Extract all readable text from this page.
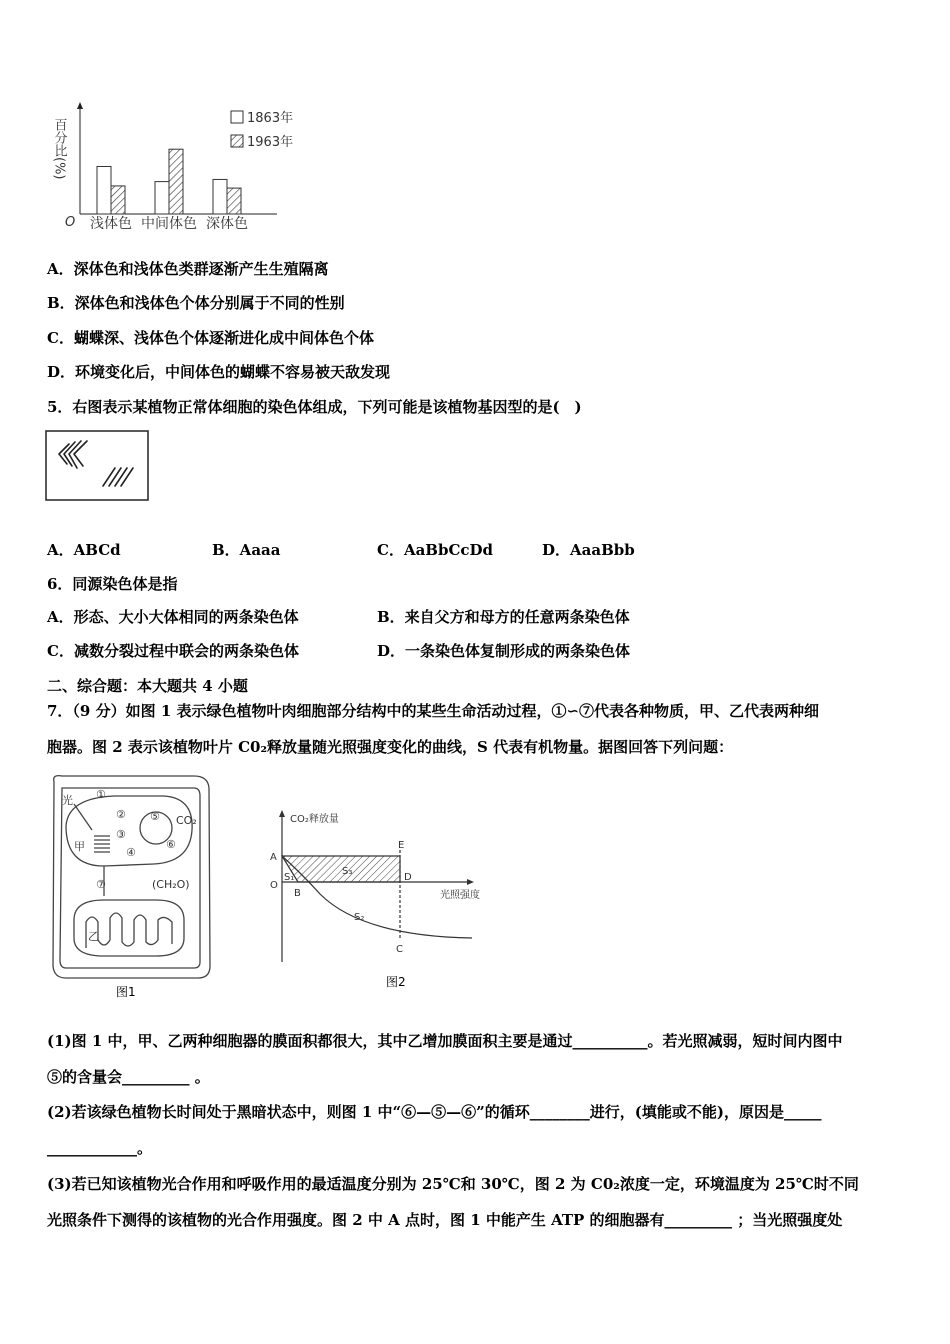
百分比(%)
O 浅体色 中间体色 深体色
1863年
1963年
A．深体色和浅体色类群逐渐产生生殖隔离
B．深体色和浅体色个体分别属于不同的性别
C．蝴蝶深、浅体色个体逐渐进化成中间体色个体
D．环境变化后，中间体色的蝴蝶不容易被天敌发现
5．右图表示某植物正常体细胞的染色体组成，下列可能是该植物基因型的是(　)
A．ABCd	B．Aaaa	C．AaBbCcDd	D．AaaBbb
6．同源染色体是指
A．形态、大小大体相同的两条染色体	B．来自父方和母方的任意两条染色体
C．减数分裂过程中联会的两条染色体	D．一条染色体复制形成的两条染色体
二、综合题：本大题共 4 小题
7．（9 分）如图 1 表示绿色植物叶肉细胞部分结构中的某些生命活动过程，①∽⑦代表各种物质，甲、乙代表两种细
胞器。图 2 表示该植物叶片 C0₂释放量随光照强度变化的曲线，S 代表有机物量。据图回答下列问题：
光 ①
②
③
④
⑤
⑥
⑦
CO₂
甲
乙
(CH₂O)
图1
CO₂释放量
光照强度
A
O
S₁
B
S₃
E
D
S₂
C
图2
(1)图 1 中，甲、乙两种细胞器的膜面积都很大，其中乙增加膜面积主要是通过__________。若光照减弱，短时间内图中
⑤的含量会_________ 。
(2)若该绿色植物长时间处于黑暗状态中，则图 1 中“⑥—⑤—⑥”的循环________进行，(填能或不能)，原因是_____
____________。
(3)若已知该植物光合作用和呼吸作用的最适温度分别为 25℃和 30℃，图 2 为 C0₂浓度一定，环境温度为 25℃时不同
光照条件下测得的该植物的光合作用强度。图 2 中 A 点时，图 1 中能产生 ATP 的细胞器有_________ ；当光照强度处
